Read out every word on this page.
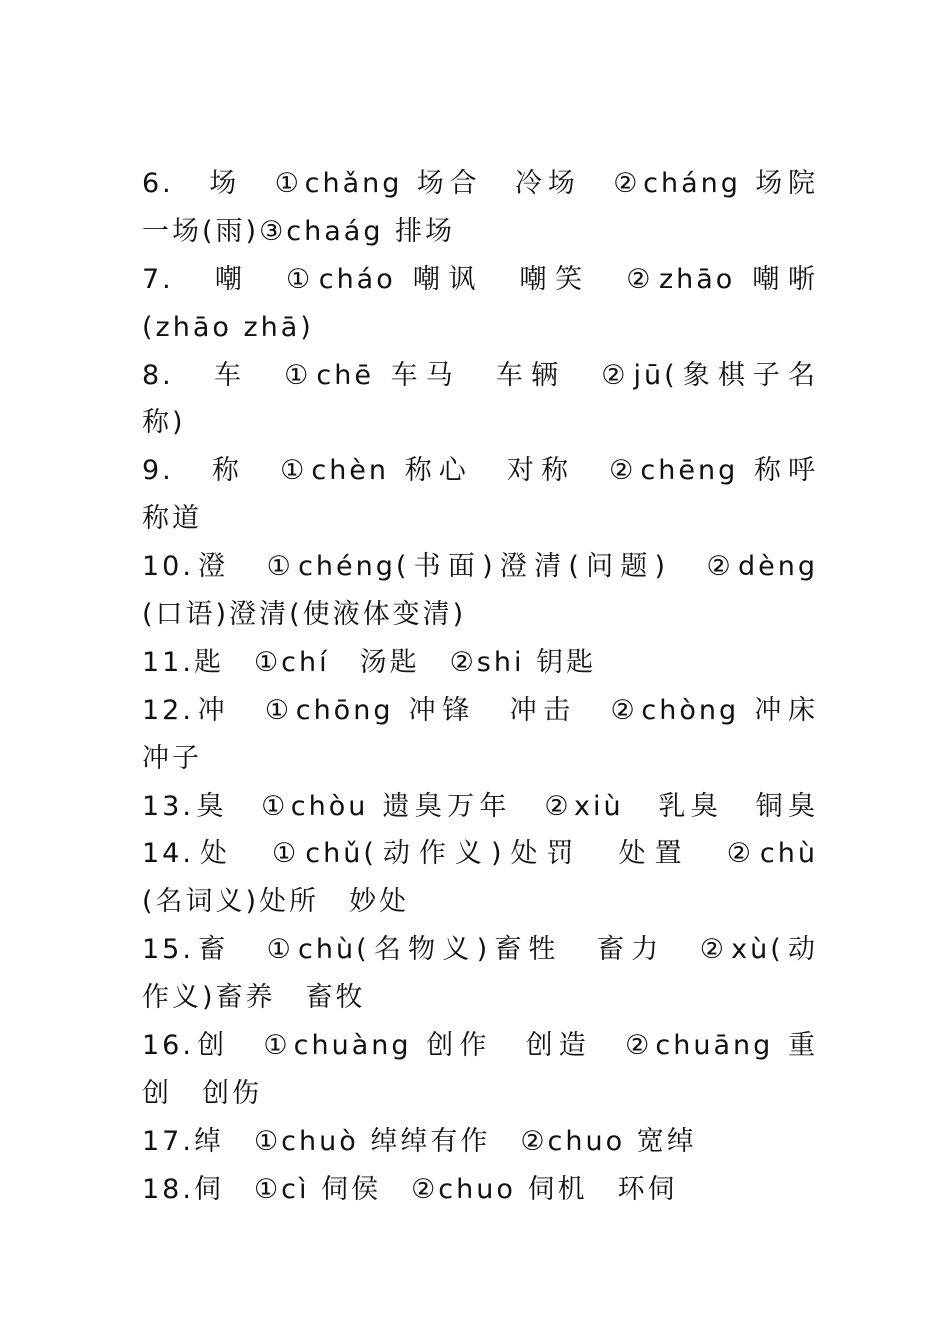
6.　场　①chǎng 场合　冷场　②cháng 场院
一场(雨)③chaág 排场
7.　嘲　①cháo 嘲讽　嘲笑　②zhāo 嘲哳
(zhāo zhā)
8.　车　①chē 车马　车辆　②jū(象棋子名
称)
9.　称　①chèn 称心　对称　②chēng 称呼
称道
10.澄　①chéng(书面)澄清(问题)　②dèng
(口语)澄清(使液体变清)
11.匙　①chí　汤匙　②shi 钥匙
12.冲　①chōng 冲锋　冲击　②chòng 冲床
冲子
13.臭　①chòu 遗臭万年　②xiù　乳臭　铜臭
14.处　①chǔ(动作义)处罚　处置　②chù
(名词义)处所　妙处
15.畜　①chù(名物义)畜牲　畜力　②xù(动
作义)畜养　畜牧
16.创　①chuàng 创作　创造　②chuāng 重
创　创伤
17.绰　①chuò 绰绰有作　②chuo 宽绰
18.伺　①cì 伺侯　②chuo 伺机　环伺
